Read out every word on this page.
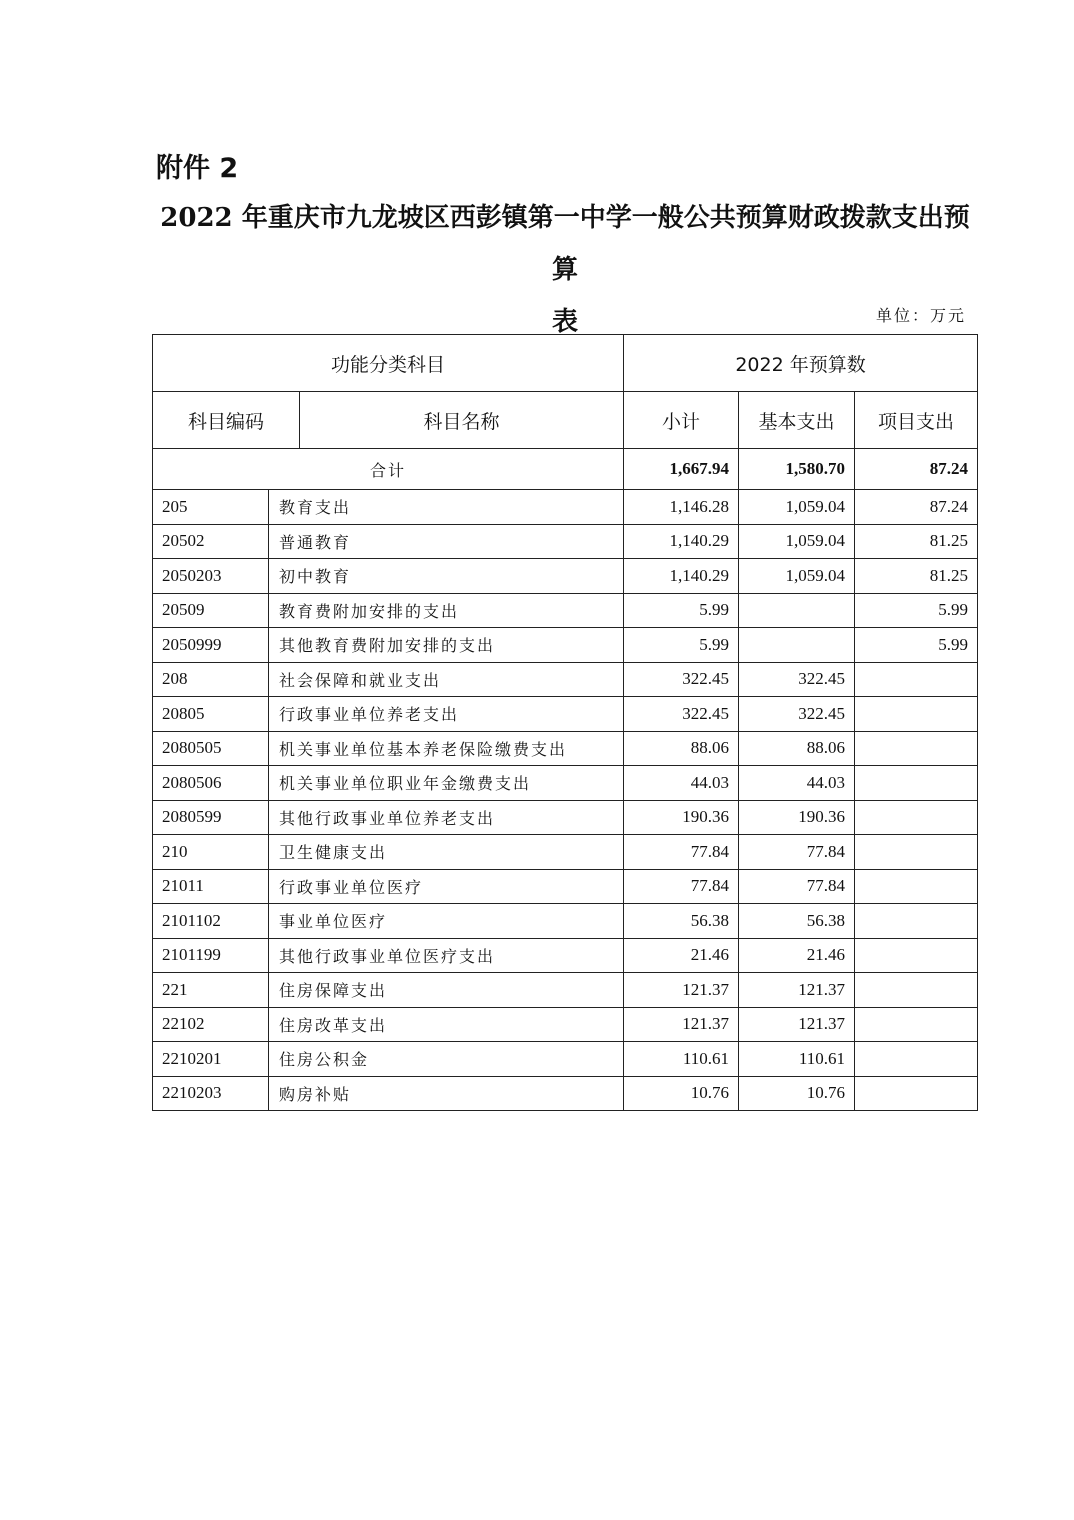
附件 2
2022 年重庆市九龙坡区西彭镇第一中学一般公共预算财政拨款支出预算
表	单位：万元
功能分类科目		2022 年预算数		

科目编码 科目名称		小计	基本支出	项目支出
合计		1,667.94	1,580.70	87.24
205	教育支出	1,146.28	1,059.04	87.24
20502	普通教育	1,140.29	1,059.04	81.25
2050203	初中教育	1,140.29	1,059.04	81.25
20509	教育费附加安排的支出	5.99		5.99
2050999	其他教育费附加安排的支出	5.99		5.99
208	社会保障和就业支出	322.45	322.45	
20805	行政事业单位养老支出	322.45	322.45	
2080505	机关事业单位基本养老保险缴费支出	88.06	88.06	
2080506	机关事业单位职业年金缴费支出	44.03	44.03	
2080599	其他行政事业单位养老支出	190.36	190.36	
210	卫生健康支出	77.84	77.84	
21011	行政事业单位医疗	77.84	77.84	
2101102	事业单位医疗	56.38	56.38	
2101199	其他行政事业单位医疗支出	21.46	21.46	
221	住房保障支出	121.37	121.37	
22102	住房改革支出	121.37	121.37	
2210201	住房公积金	110.61	110.61	
2210203	购房补贴	10.76	10.76	
